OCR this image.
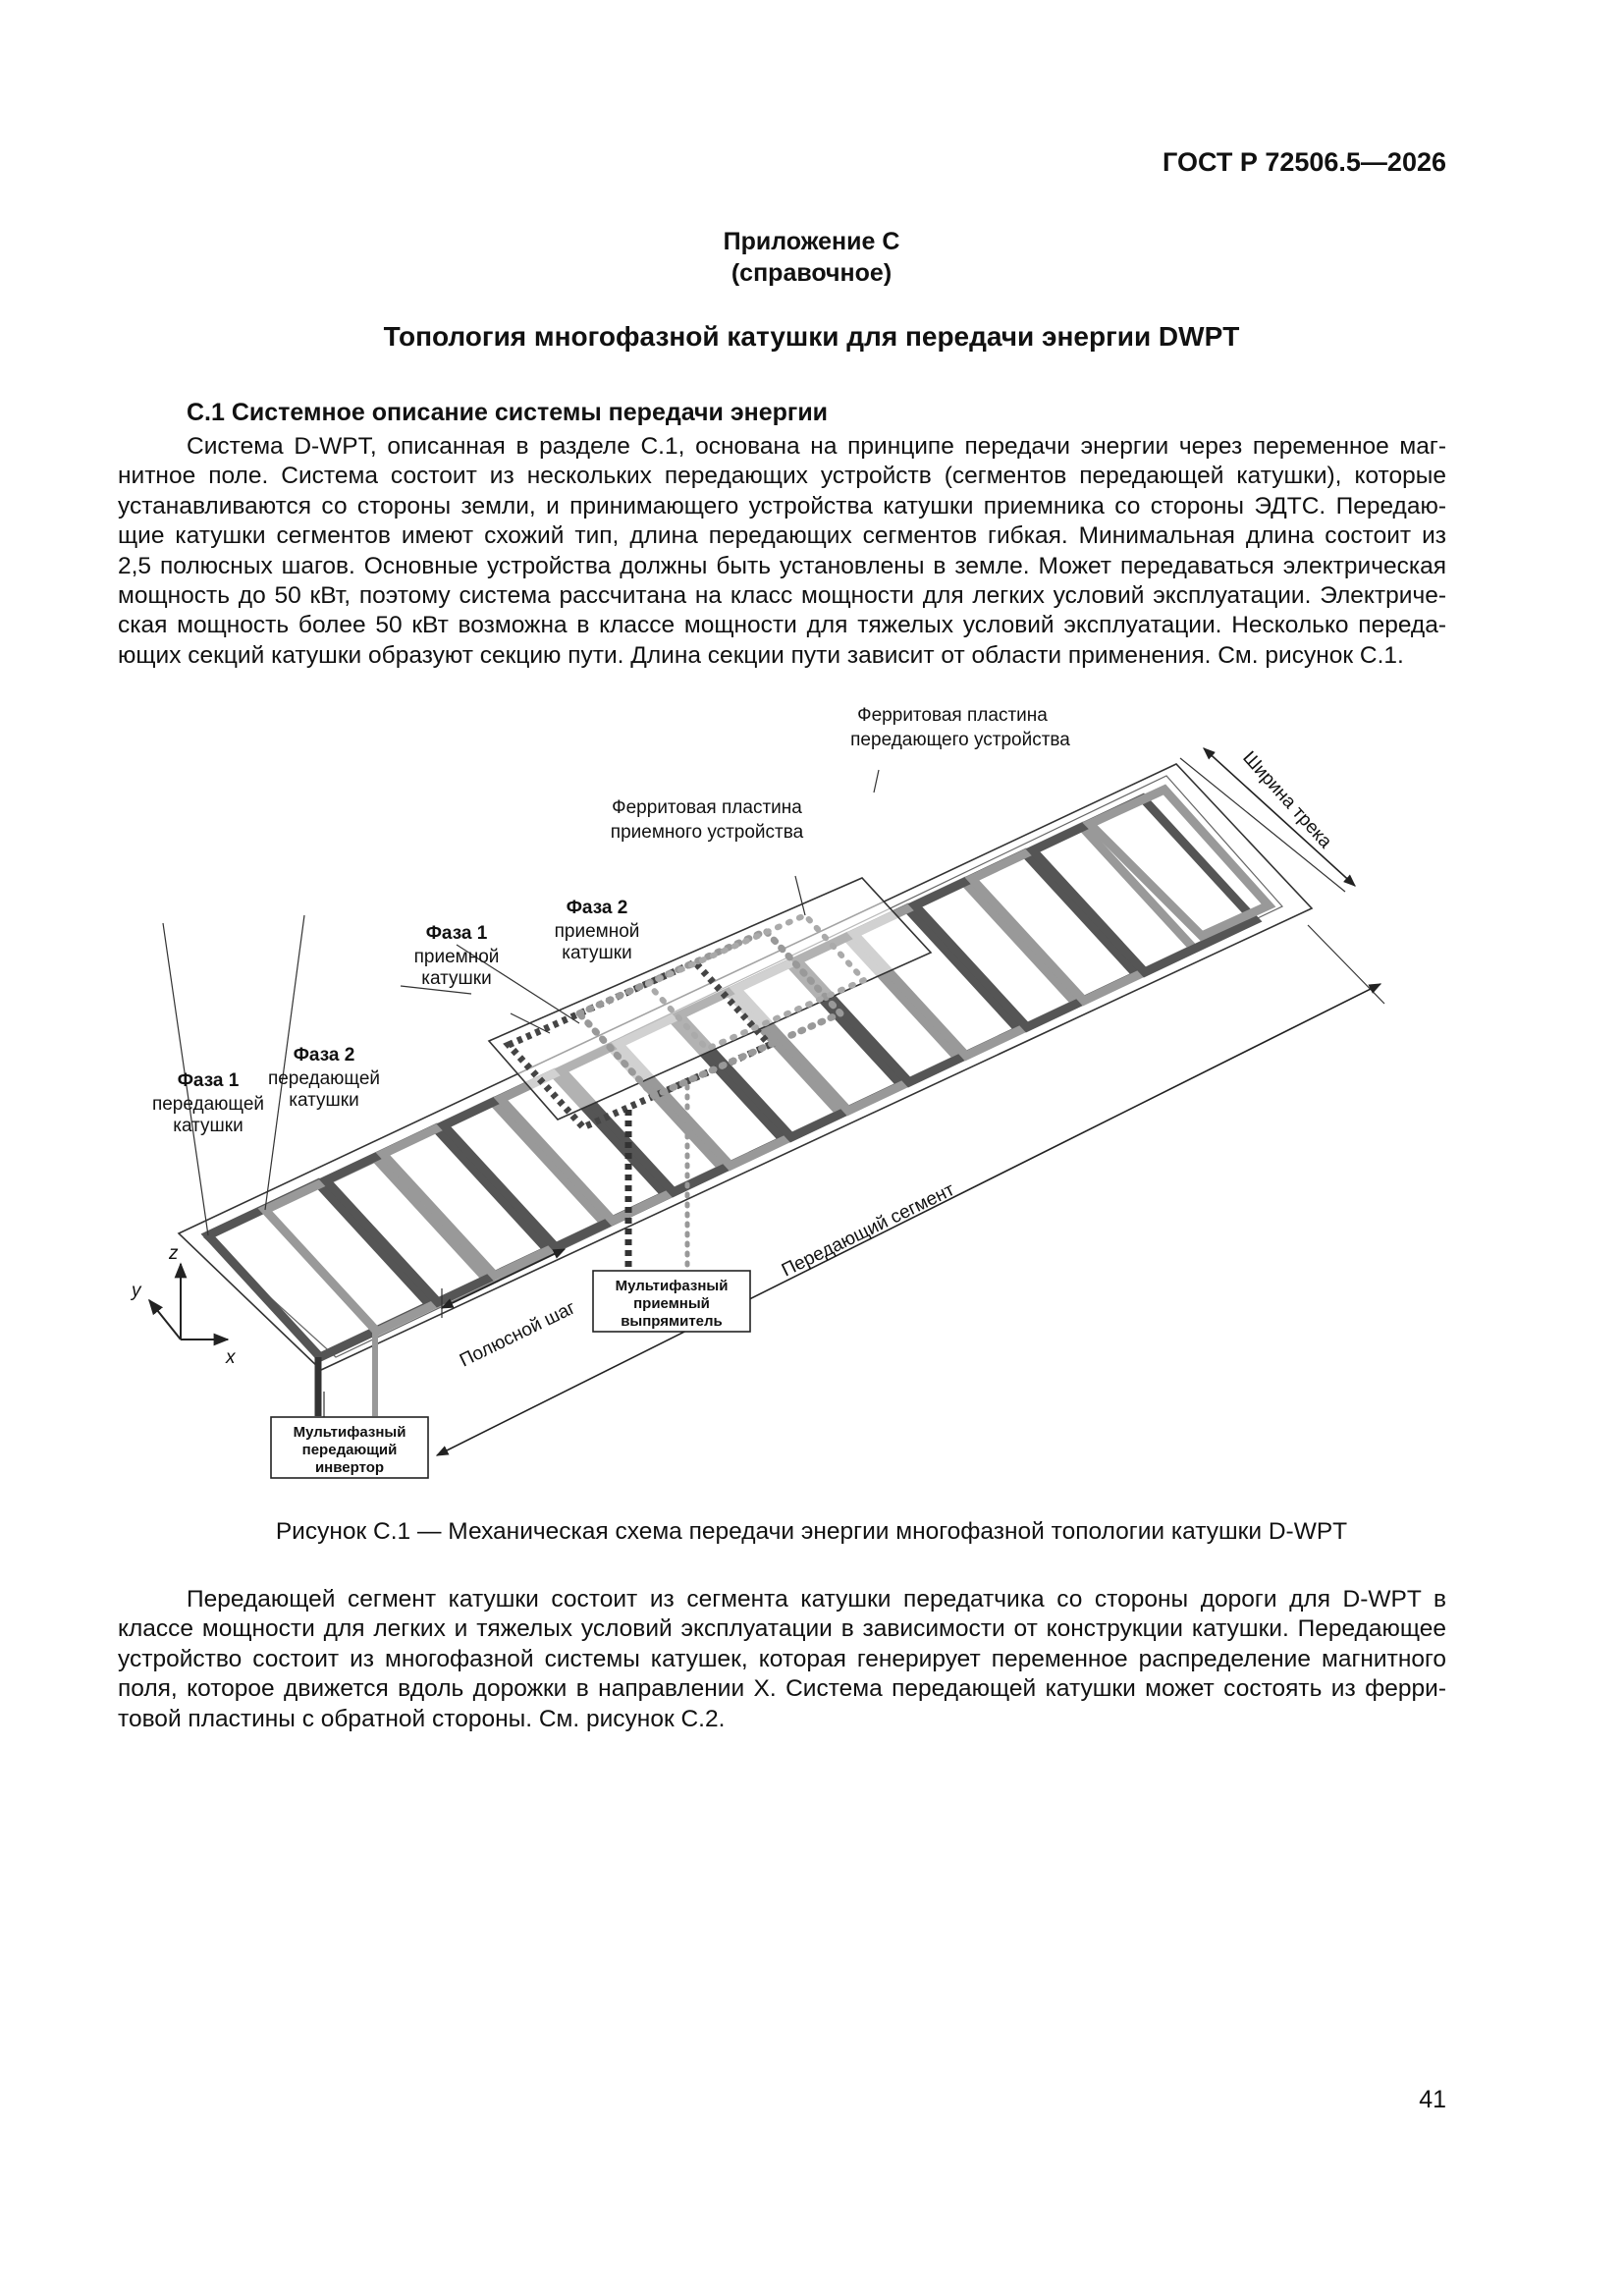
ГОСТ Р 72506.5—2026
Приложение С
(справочное)
Топология многофазной катушки для передачи энергии DWPT
С.1 Системное описание системы передачи энергии
Система D-WPT, описанная в разделе С.1, основана на принципе передачи энергии через переменное маг-
нитное поле. Система состоит из нескольких передающих устройств (сегментов передающей катушки), которые
устанавливаются со стороны земли, и принимающего устройства катушки приемника со стороны ЭДТС. Передаю-
щие катушки сегментов имеют схожий тип, длина передающих сегментов гибкая. Минимальная длина состоит из
2,5 полюсных шагов. Основные устройства должны быть установлены в земле. Может передаваться электрическая
мощность до 50 кВт, поэтому система рассчитана на класс мощности для легких условий эксплуатации. Электриче-
ская мощность более 50 кВт возможна в классе мощности для тяжелых условий эксплуатации. Несколько переда-
ющих секций катушки образуют секцию пути. Длина секции пути зависит от области применения. См. рисунок С.1.
Ферритовая пластина
передающего устройства
Ширина трека
Ферритовая пластина
приемного устройства
Фаза 2
приемной
катушки
Фаза 1
приемной
катушки
Фаза 2
передающей
катушки
Фаза 1
передающей
катушки
z
y
x	Полюсной шаг
Передающий сегмент
Мультифазный
приемный
выпрямитель
Мультифазный
передающий
инвертор
Рисунок С.1 — Механическая схема передачи энергии многофазной топологии катушки D-WPT
Передающей сегмент катушки состоит из сегмента катушки передатчика со стороны дороги для D-WPT в
классе мощности для легких и тяжелых условий эксплуатации в зависимости от конструкции катушки. Передающее
устройство состоит из многофазной системы катушек, которая генерирует переменное распределение магнитного
поля, которое движется вдоль дорожки в направлении X. Система передающей катушки может состоять из ферри-
товой пластины с обратной стороны. См. рисунок С.2.
41
